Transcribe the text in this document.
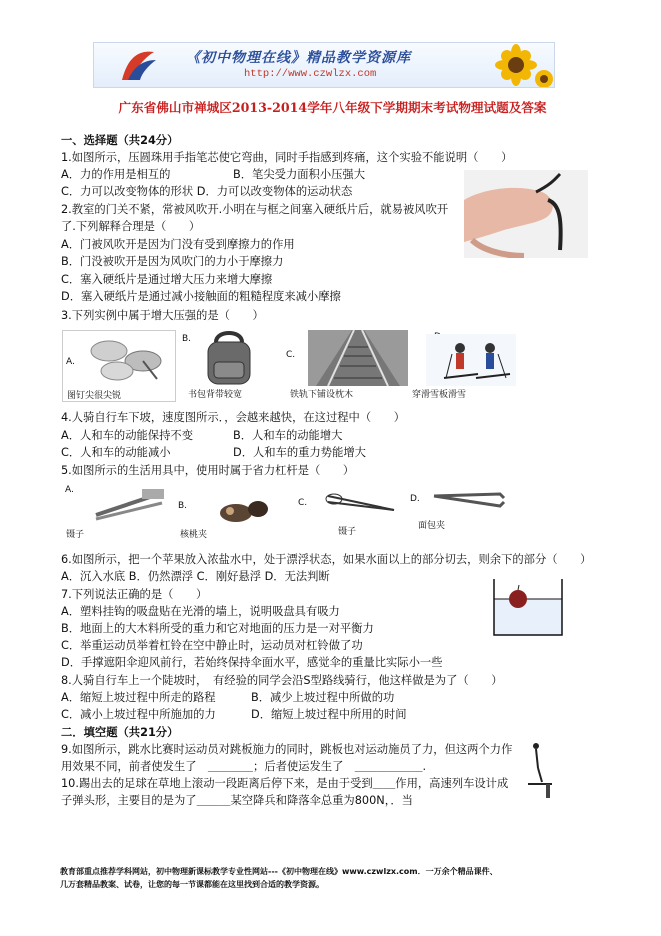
《初中物理在线》精品教学资源库
http://www.czwlzx.com
广东省佛山市禅城区2013-2014学年八年级下学期期末考试物理试题及答案
一、选择题（共24分）
1.如图所示，压圆珠用手指笔芯使它弯曲，同时手指感到疼痛，这个实验不能说明（　　）
A．力的作用是相互的	B．笔尖受力面积小压强大
C．力可以改变物体的形状 D．力可以改变物体的运动状态
2.教室的门关不紧，常被风吹开.小明在与框之间塞入硬纸片后，就易被风吹开
了.下列解释合理是（　　）
A．门被风吹开是因为门没有受到摩擦力的作用
B．门没被吹开是因为风吹门的力小于摩擦力
C．塞入硬纸片是通过增大压力来增大摩擦
D．塞入硬纸片是通过减小接触面的粗糙程度来减小摩擦
3.下列实例中属于增大压强的是（　　）
A.
图钉尖很尖锐
B.
书包背带较宽
C.
铁轨下铺设枕木	穿滑雪板滑雪
4.人骑自行车下坡，速度图所示．，会越来越快，在这过程中（　　）
A．人和车的动能保持不变	B．人和车的动能增大
C．人和车的动能减小	D．人和车的重力势能增大
5.如图所示的生活用具中，使用时属于省力杠杆是（　　）
A.
镊子
B.
核桃夹
C.
镊子
D.
面包夹
6.如图所示，把一个苹果放入浓盐水中，处于漂浮状态，如果水面以上的部分切去，则余下的部分（　　）
A．沉入水底 B．仍然漂浮 C．刚好悬浮 D．无法判断
7.下列说法正确的是（　　）
A．塑料挂钩的吸盘贴在光滑的墙上，说明吸盘具有吸力
B．地面上的大木料所受的重力和它对地面的压力是一对平衡力
C．举重运动员举着杠铃在空中静止时，运动员对杠铃做了功
D．手撑遮阳伞迎风前行，若始终保持伞面水平，感觉伞的重量比实际小一些
8.人骑自行车上一个陡坡时，　有经验的同学会沿S型路线骑行，他这样做是为了（　　）
A．缩短上坡过程中所走的路程	B．减少上坡过程中所做的功
C．减小上坡过程中所施加的力	D．缩短上坡过程中所用的时间
二．填空题（共21分）
9.如图所示，跳水比赛时运动员对跳板施力的同时，跳板也对运动施员了力，但这两个力作
用效果不同，前者使发生了　＿＿＿＿；后者使运发生了　＿＿＿＿＿＿.
10.踢出去的足球在草地上滚动一段距离后停下来，是由于受到＿＿作用，高速列车设计成
子弹头形，主要目的是为了＿＿＿某空降兵和降落伞总重为800N，．当
教育部重点推荐学科网站，初中物理新课标教学专业性网站---《初中物理在线》www.czwlzx.com．一万余个精品课件、
几万套精品教案、试卷，让您的每一节课都能在这里找到合适的教学资源。
